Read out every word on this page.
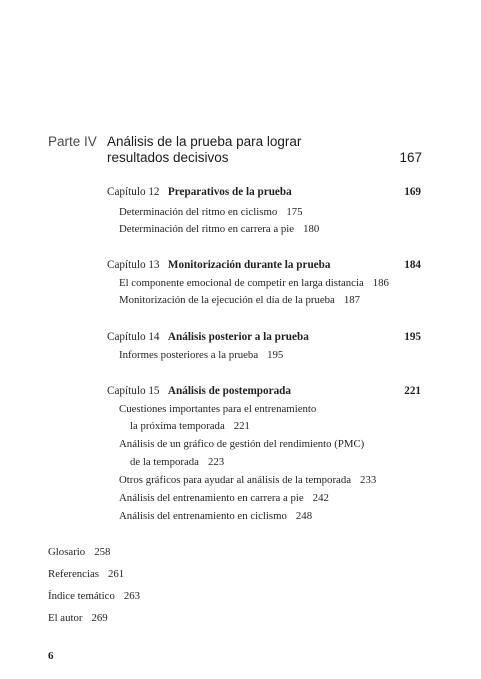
Parte IV Análisis de la prueba para lograr
resultados decisivos	167
Capítulo 12 Preparativos de la prueba	169
Determinación del ritmo en ciclismo 175
Determinación del ritmo en carrera a pie 180
Capítulo 13 Monitorización durante la prueba	184
El componente emocional de competir en larga distancia 186
Monitorización de la ejecución el día de la prueba 187
Capítulo 14 Análisis posterior a la prueba	195
Informes posteriores a la prueba 195
Capítulo 15 Análisis de postemporada	221
Cuestiones importantes para el entrenamiento
la próxima temporada 221
Análisis de un gráfico de gestión del rendimiento (PMC)
de la temporada 223
Otros gráficos para ayudar al análisis de la temporada 233
Análisis del entrenamiento en carrera a pie 242
Análisis del entrenamiento en ciclismo 248
Glosario 258
Referencias 261
Índice temático 263
El autor 269
6
